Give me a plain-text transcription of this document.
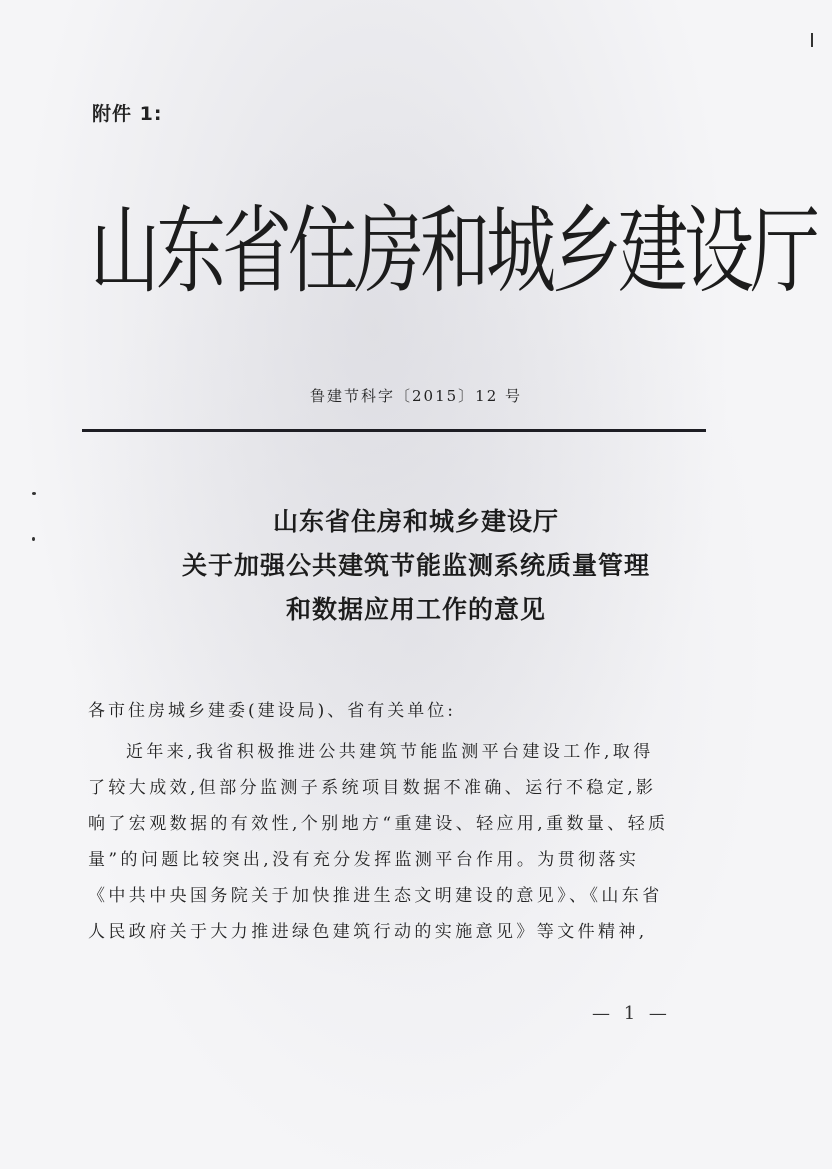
附件 1:
山东省住房和城乡建设厅
鲁建节科字〔2015〕12 号
山东省住房和城乡建设厅
关于加强公共建筑节能监测系统质量管理
和数据应用工作的意见
各市住房城乡建委(建设局)、省有关单位:
近年来,我省积极推进公共建筑节能监测平台建设工作,取得
了较大成效,但部分监测子系统项目数据不准确、运行不稳定,影
响了宏观数据的有效性,个别地方“重建设、轻应用,重数量、轻质
量”的问题比较突出,没有充分发挥监测平台作用。为贯彻落实
《中共中央国务院关于加快推进生态文明建设的意见》、《山东省
人民政府关于大力推进绿色建筑行动的实施意见》等文件精神,
— 1 —
